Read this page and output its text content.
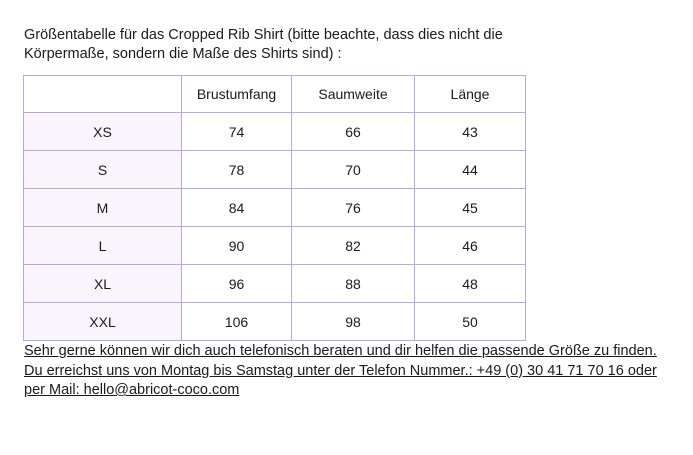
Größentabelle für das Cropped Rib Shirt (bitte beachte, dass dies nicht die
Körpermaße, sondern die Maße des Shirts sind) :
	Brustumfang	Saumweite	Länge
XS	74	66	43
S	78	70	44
M	84	76	45
L	90	82	46
XL	96	88	48
XXL	106	98	50
Sehr gerne können wir dich auch telefonisch beraten und dir helfen die passende Größe zu finden.
Du erreichst uns von Montag bis Samstag unter der Telefon Nummer.: +49 (0) 30 41 71 70 16 oder
per Mail: hello@abricot-coco.com
